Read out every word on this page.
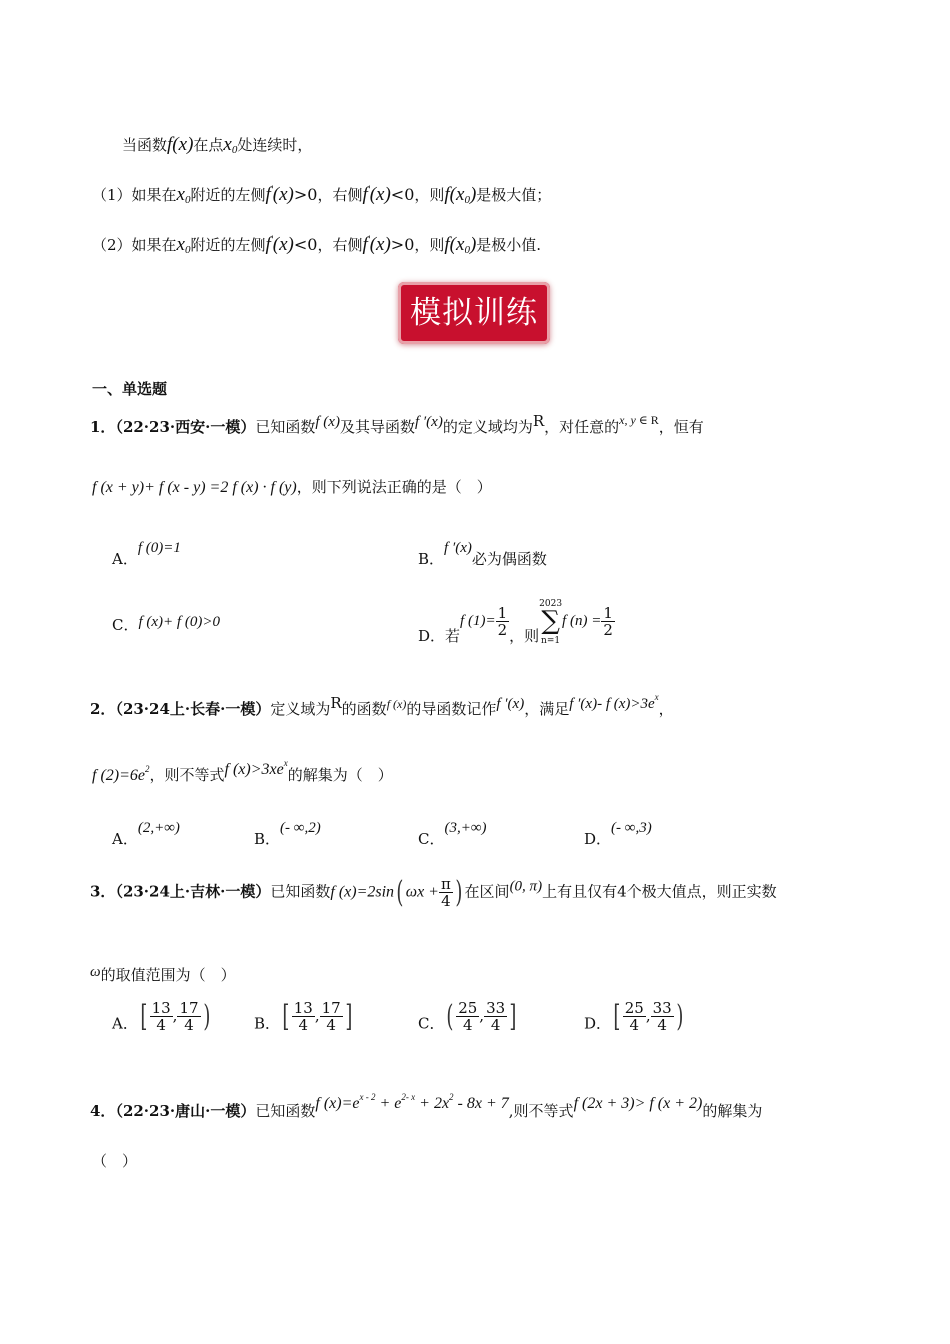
当函数f(x)在点$x_0$处连续时，
（1）如果在$x_0$附近的左侧f′(x)>0，右侧f′(x)<0，则$f(x_0)$是极大值；
（2）如果在$x_0$附近的左侧f′(x)<0，右侧f′(x)>0，则$f(x_0)$是极小值.
模拟训练
一、单选题
1．（22·23·西安·一模）已知函数f (x)及其导函数f ′(x)的定义域均为R，对任意的$^{x, y \in R}$，恒有
f (x + y)+ f (x - y) =2 f (x) · f (y)，则下列说法正确的是（　）
A．f (0)=1
B．f ′(x)必为偶函数
C．f (x)+ f (0)>0
D．若f $(1)= \frac{1}{2}$ ，则2023
∑
n=1f $(n) = \frac{1}{2}$
2．（23·24上·长春·一模）定义域为R的函数$^{f (x)}$的导函数记作f ′(x)，满足f ′(x)- f $(x)>3e^x$，
f $(2)=6e^2$，则不等式f $(x)>3xe^x$的解集为（　）
A．(2,+∞)
B．(- ∞,2)
C．(3,+∞)
D．(- ∞,3)
3．（23·24上·吉林·一模）已知函数f (x)=2sin( $\omega x + \frac{\pi}{4}$ ) 在区间(0, π)上有且仅有4个极大值点，则正实数
ω的取值范围为（　）
A．[ $\frac{13}{4}$ , $\frac{17}{4}$ )	B．[ $\frac{13}{4}$ , $\frac{17}{4}$ ]	C．( $\frac{25}{4}$ , $\frac{33}{4}$ ]	D．[ $\frac{25}{4}$ , $\frac{33}{4}$ )
4．（22·23·唐山·一模）已知函数f $(x)=e^{x - 2} + e^{2- x} + 2x^2 - 8x + 7$,则不等式f (2x + 3)> f (x + 2)的解集为
（　）
